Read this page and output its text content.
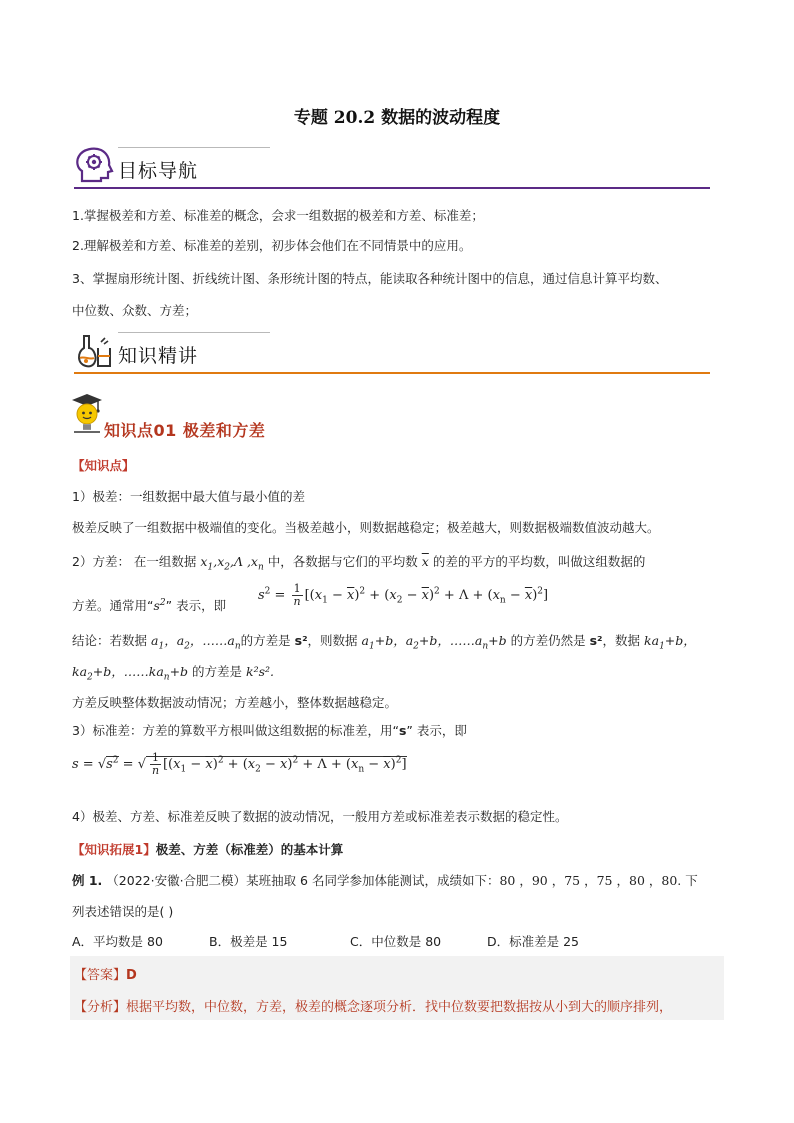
专题 20.2 数据的波动程度
目标导航
1.掌握极差和方差、标准差的概念，会求一组数据的极差和方差、标准差；
2.理解极差和方差、标准差的差别，初步体会他们在不同情景中的应用。
3、掌握扇形统计图、折线统计图、条形统计图的特点，能读取各种统计图中的信息，通过信息计算平均数、
中位数、众数、方差；
知识精讲
知识点01 极差和方差
【知识点】
1）极差：一组数据中最大值与最小值的差
极差反映了一组数据中极端值的变化。当极差越小，则数据越稳定；极差越大，则数据极端数值波动越大。
2）方差： 在一组数据 $x_1,x_2,\Lambda$ $,x_n$ 中，各数据与它们的平均数 $\overline{x}$ 的差的平方的平均数，叫做这组数据的
方差。通常用“$s^2$” 表示，即
$s^2 = \frac{1}{n} [(x_1 - \overline{x})^2 + (x_2 - \overline{x})^2 + \Lambda + (x_n - \overline{x})^2]$
结论：若数据 $a_1$，$a_2$，$\dots\dots a_n$的方差是 s²，则数据 $a_1+b$，$a_2+b$，$\dots\dots a_n+b$ 的方差仍然是 s²，数据 $ka_1+b$，
$ka_2+b$，$\dots\dots ka_n+b$ 的方差是 k²s².
方差反映整体数据波动情况；方差越小，整体数据越稳定。
3）标准差：方差的算数平方根叫做这组数据的标准差，用“s” 表示，即
$s = √s^2$ = √ $\frac{1}{n} [(x_1 - \overline{x})^2 + (x_2 - \overline{x})^2 + \Lambda + (x_n - \overline{x})^2]$
4）极差、方差、标准差反映了数据的波动情况，一般用方差或标准差表示数据的稳定性。
【知识拓展1】极差、方差（标准差）的基本计算
例 1. （2022·安徽·合肥二模）某班抽取 6 名同学参加体能测试，成绩如下：80 ，90 ，75 ，75 ，80 ，80. 下
列表述错误的是( )
A．平均数是 80	B．极差是 15	C．中位数是 80	D．标准差是 25
【答案】D
【分析】根据平均数，中位数，方差，极差的概念逐项分析．找中位数要把数据按从小到大的顺序排列，
